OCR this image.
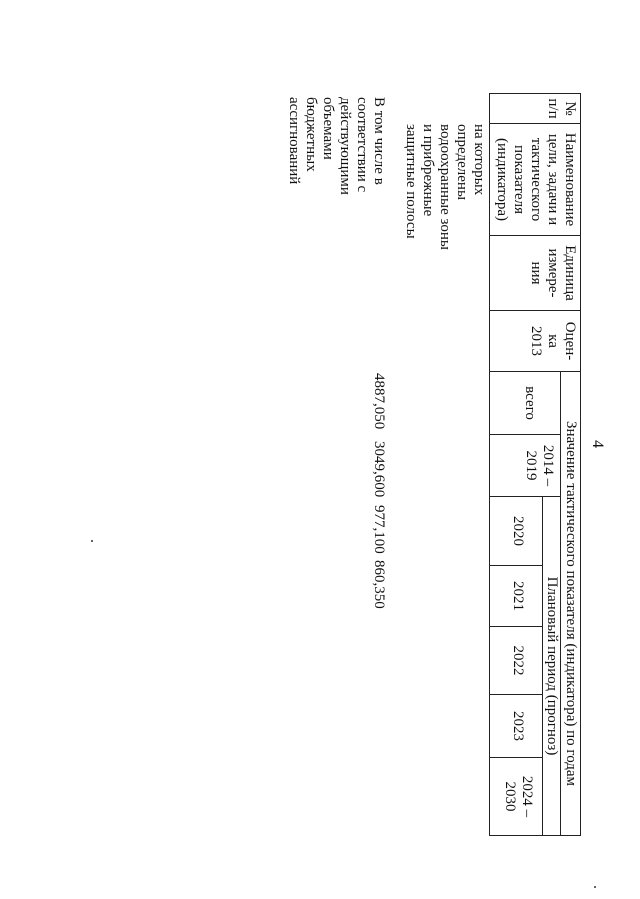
4
№
п/п
Наименование
цели, задачи и
тактического
показателя
(индикатора)
Единица
измере-
ния
Оцен-
ка
2013
Значение тактического показателя (индикатора) по годам
всего
2014 –
2019
Плановый период (прогноз)
2020
2021
2022
2023
2024 –
2030
на которых
определены
водоохранные зоны
и прибрежные
защитные полосы
В том числе в
соответствии с
действующими
объемами
бюджетных
ассигнований
4887,050
3049,600
977,100
860,350
